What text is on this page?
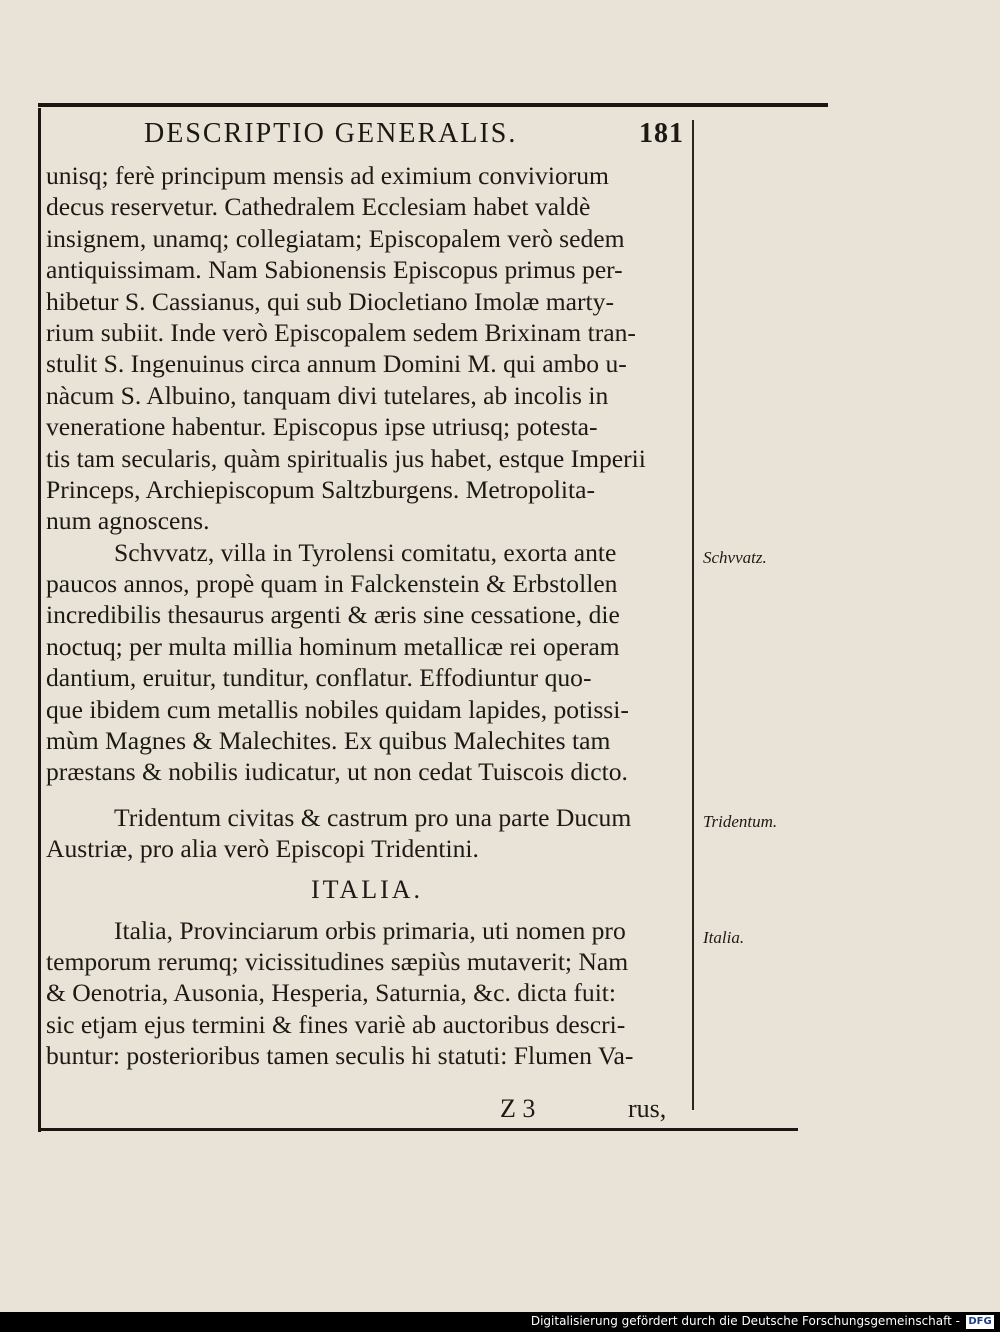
DESCRIPTIO GENERALIS.	181
unisq; ferè principum mensis ad eximium conviviorum
decus reservetur. Cathedralem Ecclesiam habet valdè
insignem, unamq; collegiatam; Episcopalem verò sedem
antiquissimam. Nam Sabionensis Episcopus primus per-
hibetur S. Cassianus, qui sub Diocletiano Imolæ marty-
rium subiit. Inde verò Episcopalem sedem Brixinam tran-
stulit S. Ingenuinus circa annum Domini M. qui ambo u-
nàcum S. Albuino, tanquam divi tutelares, ab incolis in
veneratione habentur. Episcopus ipse utriusq; potesta-
tis tam secularis, quàm spiritualis jus habet, estque Imperii
Princeps, Archiepiscopum Saltzburgens. Metropolita-
num agnoscens.
Schvvatz, villa in Tyrolensi comitatu, exorta ante
paucos annos, propè quam in Falckenstein & Erbstollen
incredibilis thesaurus argenti & æris sine cessatione, die
noctuq; per multa millia hominum metallicæ rei operam
dantium, eruitur, tunditur, conflatur. Effodiuntur quo-
que ibidem cum metallis nobiles quidam lapides, potissi-
mùm Magnes & Malechites. Ex quibus Malechites tam
præstans & nobilis iudicatur, ut non cedat Tuiscois dicto.
Tridentum civitas & castrum pro una parte Ducum
Austriæ, pro alia verò Episcopi Tridentini.
ITALIA.
Italia, Provinciarum orbis primaria, uti nomen pro
temporum rerumq; vicissitudines sæpiùs mutaverit; Nam
& Oenotria, Ausonia, Hesperia, Saturnia, &c. dicta fuit:
sic etjam ejus termini & fines variè ab auctoribus descri-
buntur: posterioribus tamen seculis hi statuti: Flumen Va-
Schvvatz.
Tridentum.
Italia.
Z 3	rus,
Digitalisierung gefördert durch die Deutsche Forschungsgemeinschaft - DFG
